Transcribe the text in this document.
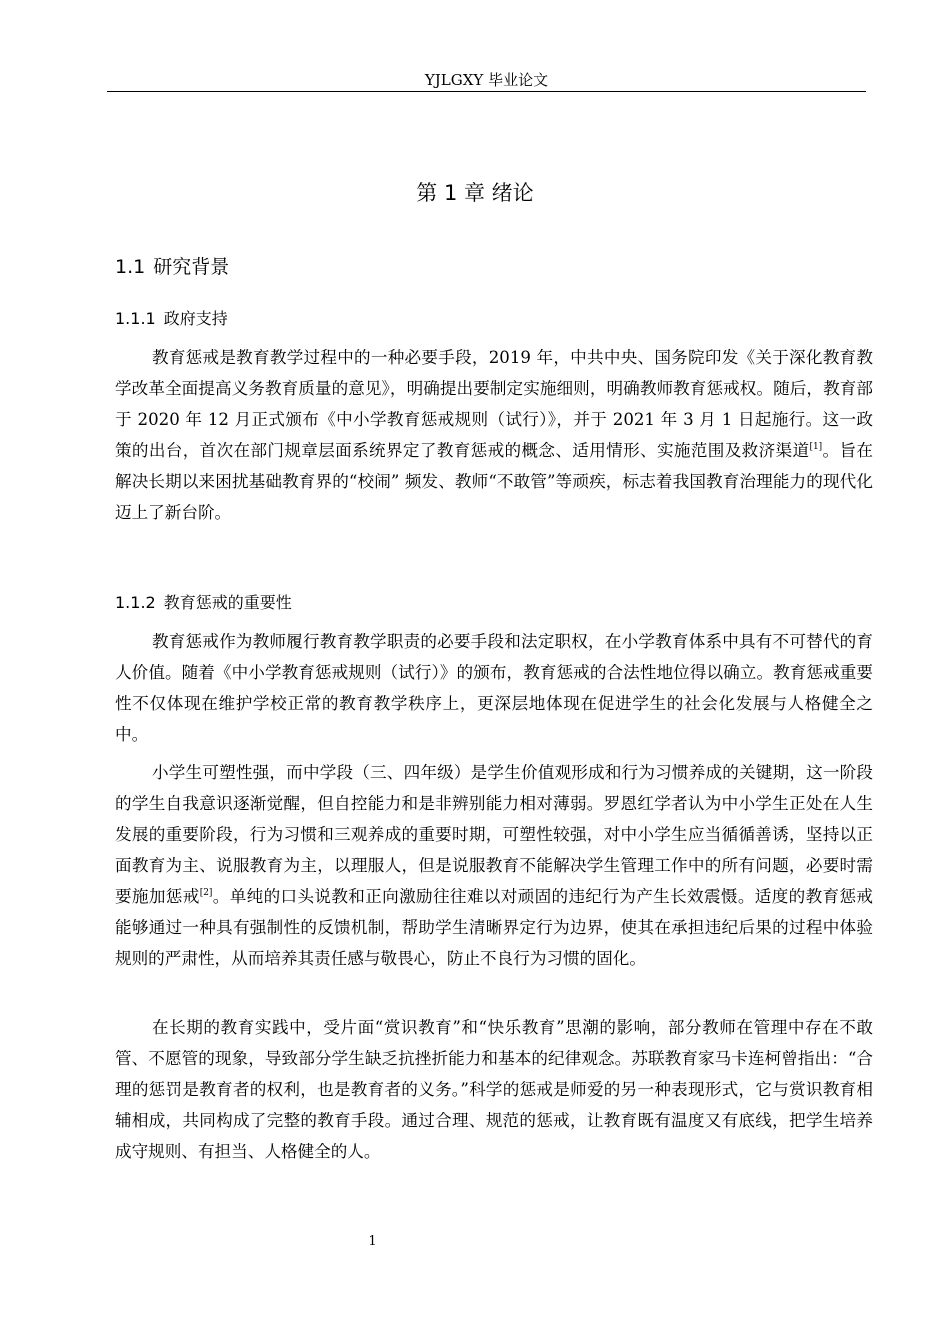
YJLGXY 毕业论文
第 1 章 绪论
1.1 研究背景
1.1.1 政府支持

教育惩戒是教育教学过程中的一种必要手段，2019 年，中共中央、国务院印发《关于深化教育教学改革全面提高义务教育质量的意见》，明确提出要制定实施细则，明确教师教育惩戒权。随后，教育部于 2020 年 12 月正式颁布《中小学教育惩戒规则（试行）》，并于 2021 年 3 月 1 日起施行。这一政策的出台，首次在部门规章层面系统界定了教育惩戒的概念、适用情形、实施范围及救济渠道[1]。旨在解决长期以来困扰基础教育界的“校闹” 频发、教师“不敢管”等顽疾，标志着我国教育治理能力的现代化迈上了新台阶。

1.1.2 教育惩戒的重要性

教育惩戒作为教师履行教育教学职责的必要手段和法定职权，在小学教育体系中具有不可替代的育人价值。随着《中小学教育惩戒规则（试行）》的颁布，教育惩戒的合法性地位得以确立。教育惩戒重要性不仅体现在维护学校正常的教育教学秩序上，更深层地体现在促进学生的社会化发展与人格健全之中。

小学生可塑性强，而中学段（三、四年级）是学生价值观形成和行为习惯养成的关键期，这一阶段的学生自我意识逐渐觉醒，但自控能力和是非辨别能力相对薄弱。罗恩红学者认为中小学生正处在人生发展的重要阶段，行为习惯和三观养成的重要时期，可塑性较强，对中小学生应当循循善诱，坚持以正面教育为主、说服教育为主，以理服人，但是说服教育不能解决学生管理工作中的所有问题，必要时需要施加惩戒[2]。单纯的口头说教和正向激励往往难以对顽固的违纪行为产生长效震慑。适度的教育惩戒能够通过一种具有强制性的反馈机制，帮助学生清晰界定行为边界，使其在承担违纪后果的过程中体验规则的严肃性，从而培养其责任感与敬畏心，防止不良行为习惯的固化。

在长期的教育实践中，受片面“赏识教育”和“快乐教育”思潮的影响，部分教师在管理中存在不敢管、不愿管的现象，导致部分学生缺乏抗挫折能力和基本的纪律观念。苏联教育家马卡连柯曾指出：“合理的惩罚是教育者的权利，也是教育者的义务。”科学的惩戒是师爱的另一种表现形式，它与赏识教育相辅相成，共同构成了完整的教育手段。通过合理、规范的惩戒，让教育既有温度又有底线，把学生培养成守规则、有担当、人格健全的人。

1
